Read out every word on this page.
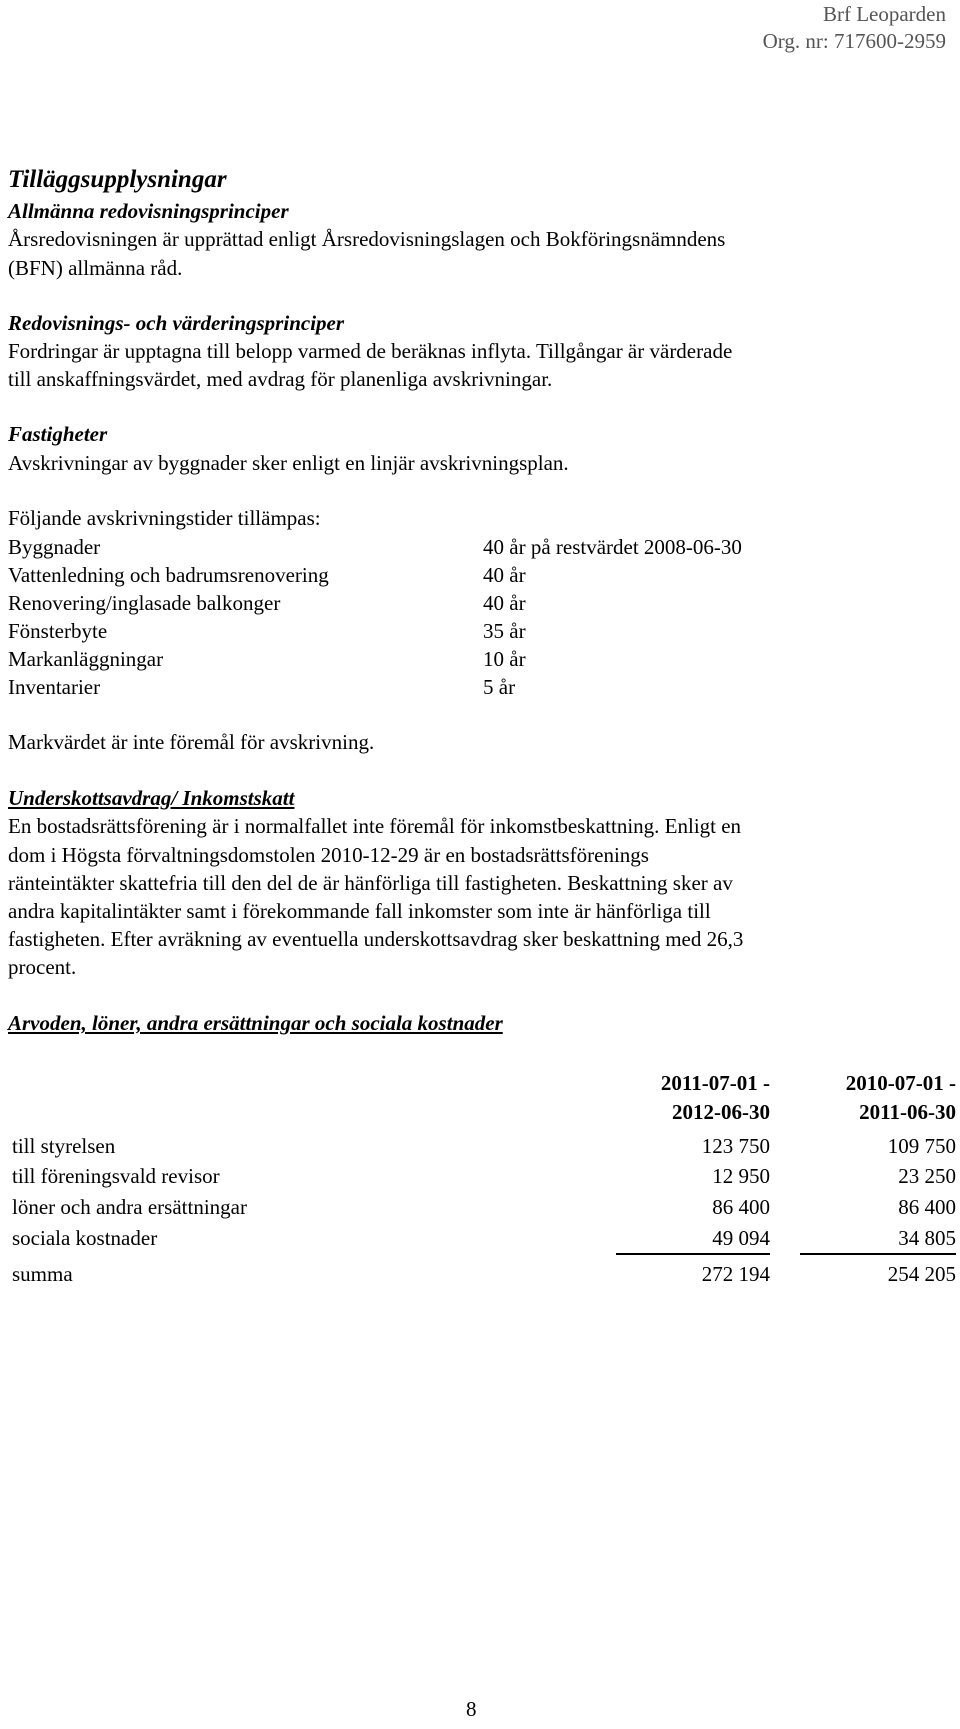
Brf Leoparden
Org. nr: 717600-2959
Tilläggsupplysningar
Allmänna redovisningsprinciper
Årsredovisningen är upprättad enligt Årsredovisningslagen och Bokföringsnämndens
(BFN) allmänna råd.
Redovisnings- och värderingsprinciper
Fordringar är upptagna till belopp varmed de beräknas inflyta. Tillgångar är värderade
till anskaffningsvärdet, med avdrag för planenliga avskrivningar.
Fastigheter
Avskrivningar av byggnader sker enligt en linjär avskrivningsplan.
Följande avskrivningstider tillämpas:
Byggnader	40 år på restvärdet 2008-06-30
Vattenledning och badrumsrenovering	40 år
Renovering/inglasade balkonger	40 år
Fönsterbyte	35 år
Markanläggningar	10 år
Inventarier	5 år
Markvärdet är inte föremål för avskrivning.
Underskottsavdrag/ Inkomstskatt
En bostadsrättsförening är i normalfallet inte föremål för inkomstbeskattning. Enligt en
dom i Högsta förvaltningsdomstolen 2010-12-29 är en bostadsrättsförenings
ränteintäkter skattefria till den del de är hänförliga till fastigheten. Beskattning sker av
andra kapitalintäkter samt i förekommande fall inkomster som inte är hänförliga till
fastigheten. Efter avräkning av eventuella underskottsavdrag sker beskattning med 26,3
procent.
Arvoden, löner, andra ersättningar och sociala kostnader
2011-07-01 -
2012-06-30
2010-07-01 -
2011-06-30
till styrelsen	123 750	109 750
till föreningsvald revisor	12 950	23 250
löner och andra ersättningar	86 400	86 400
sociala kostnader	49 094	34 805
summa	272 194	254 205
8
